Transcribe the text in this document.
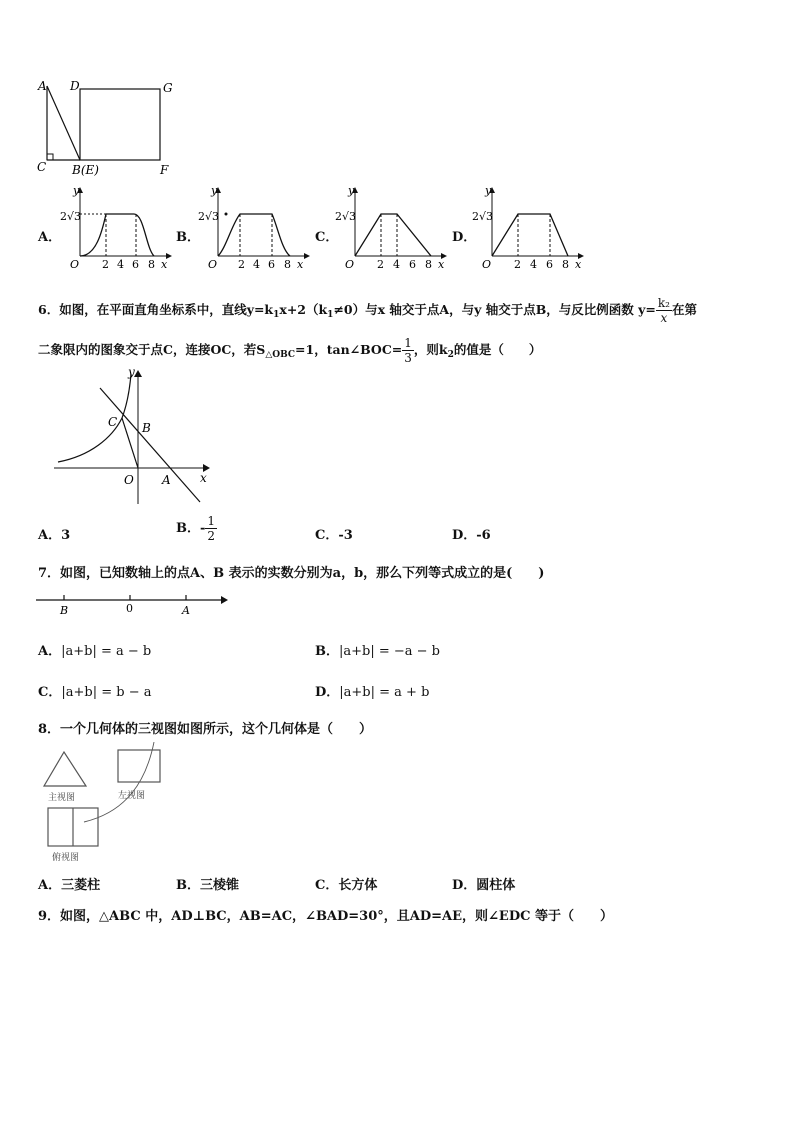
A D	G
C B(E)	F
A．
y
2√3
O 2 4 6 8 x
B．
y
2√3
O 2 4 6 8 x
C．
y
2√3
O 2 4 6 8 x
D．
y
2√3
O 2 4 6 8 x
6．如图，在平面直角坐标系中，直线$y=k_1x+2(k_1\ne 0)$与x 轴交于点A，与y 轴交于点B，与反比例函数 $y= \frac{\text{k₂}}{x}$ 在第
二象限内的图象交于点C，连接OC，若$S_{\triangle OBC}=1$，tan∠BOC= $\frac{1}{3}$ ，则$k_2$的值是（　　）
y
C B
O A x
A．3	B．- $\frac{1}{2}$	C．-3	D．-6
7．如图，已知数轴上的点A、B 表示的实数分别为a，b，那么下列等式成立的是(　　)
B	0	A
A．|a+b| = a − b	B．|a+b| = −a − b
C．|a+b| = b − a	D．|a+b| = a + b
8．一个几何体的三视图如图所示，这个几何体是（　　）
主视图	左视图
俯视图
A．三菱柱	B．三棱锥	C．长方体	D．圆柱体
9．如图，△ABC 中，AD⊥BC，AB=AC，∠BAD=30°，且AD=AE，则∠EDC 等于（　　）
